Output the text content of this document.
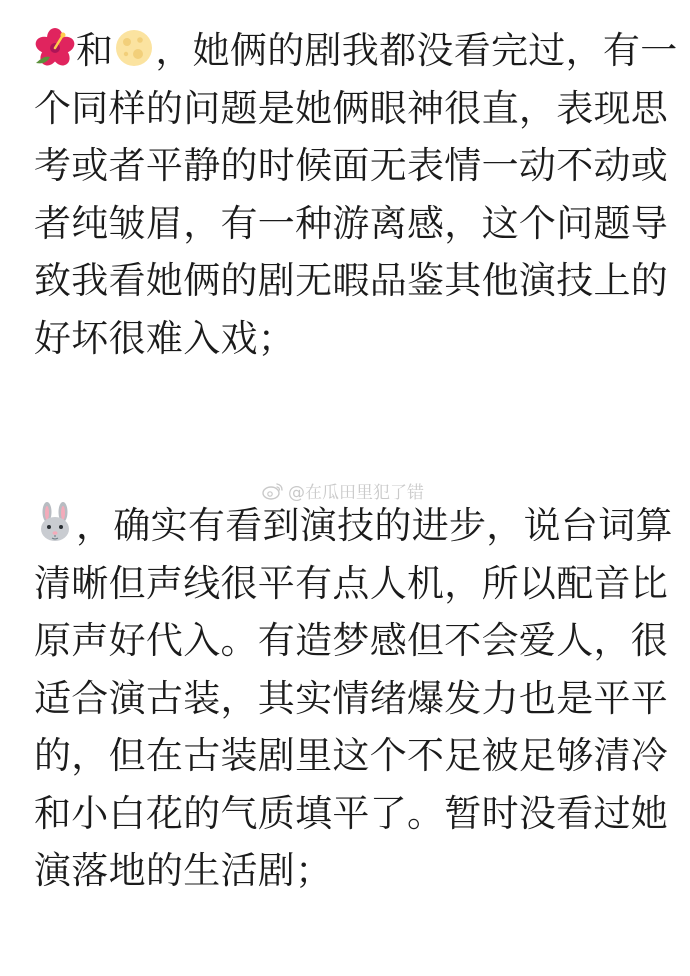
和 ，她俩的剧我都没看完过，有一

个同样的问题是她俩眼神很直，表现思

考或者平静的时候面无表情一动不动或

者纯皱眉，有一种游离感，这个问题导

致我看她俩的剧无暇品鉴其他演技上的

好坏很难入戏；

，确实有看到演技的进步，说台词算

清晰但声线很平有点人机，所以配音比

原声好代入。有造梦感但不会爱人，很

适合演古装，其实情绪爆发力也是平平

的，但在古装剧里这个不足被足够清冷

和小白花的气质填平了。暂时没看过她

演落地的生活剧；

@在瓜田里犯了错
